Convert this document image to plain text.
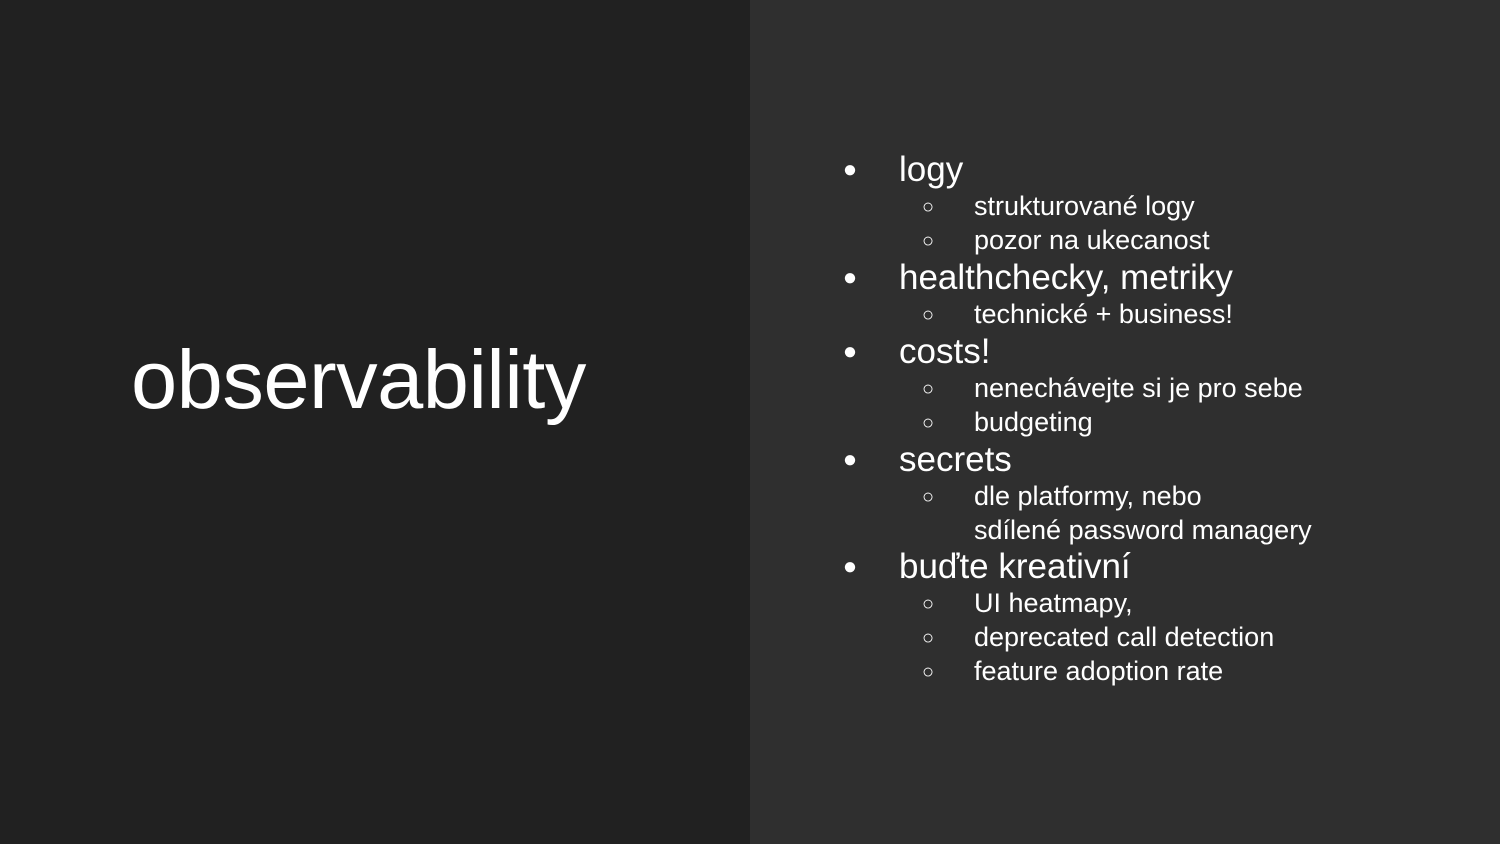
observability
● logy
○ strukturované logy
○ pozor na ukecanost
● healthchecky, metriky
○ technické + business!
● costs!
○ nenechávejte si je pro sebe
○ budgeting
● secrets
○ dle platformy, nebo
sdílené password managery
● buďte kreativní
○ UI heatmapy,
○ deprecated call detection
○ feature adoption rate
